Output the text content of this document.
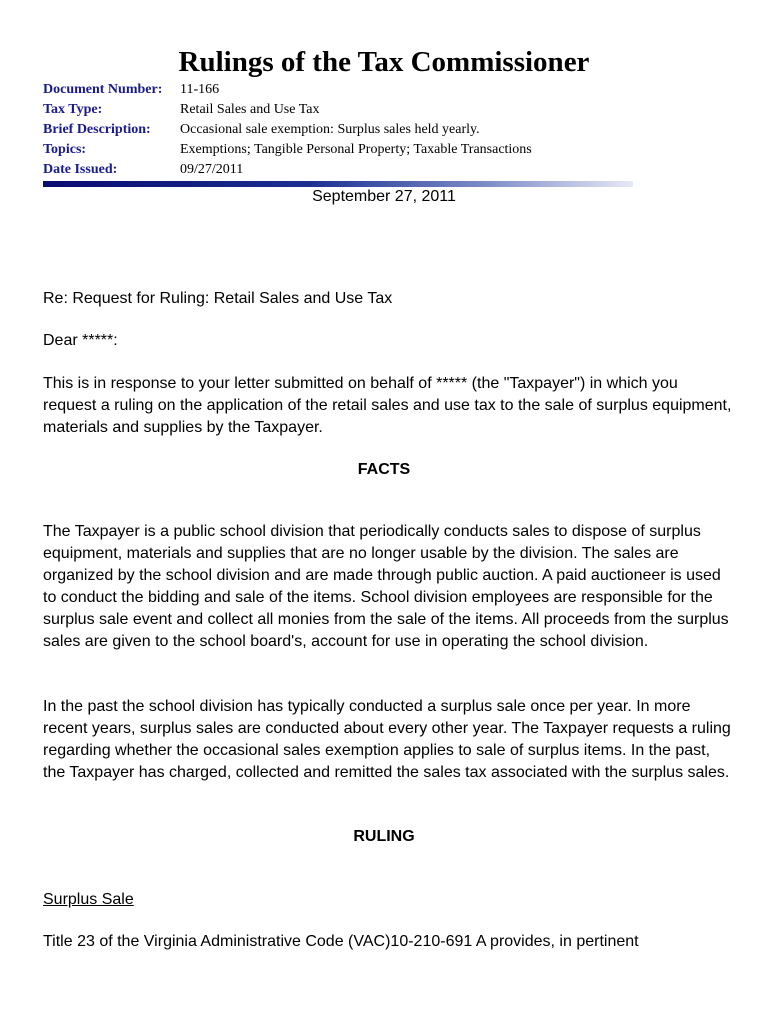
Rulings of the Tax Commissioner
Document Number:	11-166
Tax Type:	Retail Sales and Use Tax
Brief Description:	Occasional sale exemption: Surplus sales held yearly.
Topics:	Exemptions; Tangible Personal Property; Taxable Transactions
Date Issued:	09/27/2011

September 27, 2011

Re: Request for Ruling: Retail Sales and Use Tax

Dear *****:

This is in response to your letter submitted on behalf of ***** (the "Taxpayer") in which you request a ruling on the application of the retail sales and use tax to the sale of surplus equipment, materials and supplies by the Taxpayer.

FACTS

The Taxpayer is a public school division that periodically conducts sales to dispose of surplus equipment, materials and supplies that are no longer usable by the division. The sales are organized by the school division and are made through public auction. A paid auctioneer is used to conduct the bidding and sale of the items. School division employees are responsible for the surplus sale event and collect all monies from the sale of the items. All proceeds from the surplus sales are given to the school board's, account for use in operating the school division.

In the past the school division has typically conducted a surplus sale once per year. In more recent years, surplus sales are conducted about every other year. The Taxpayer requests a ruling regarding whether the occasional sales exemption applies to sale of surplus items. In the past, the Taxpayer has charged, collected and remitted the sales tax associated with the surplus sales.

RULING

Surplus Sale

Title 23 of the Virginia Administrative Code (VAC)10-210-691 A provides, in pertinent
